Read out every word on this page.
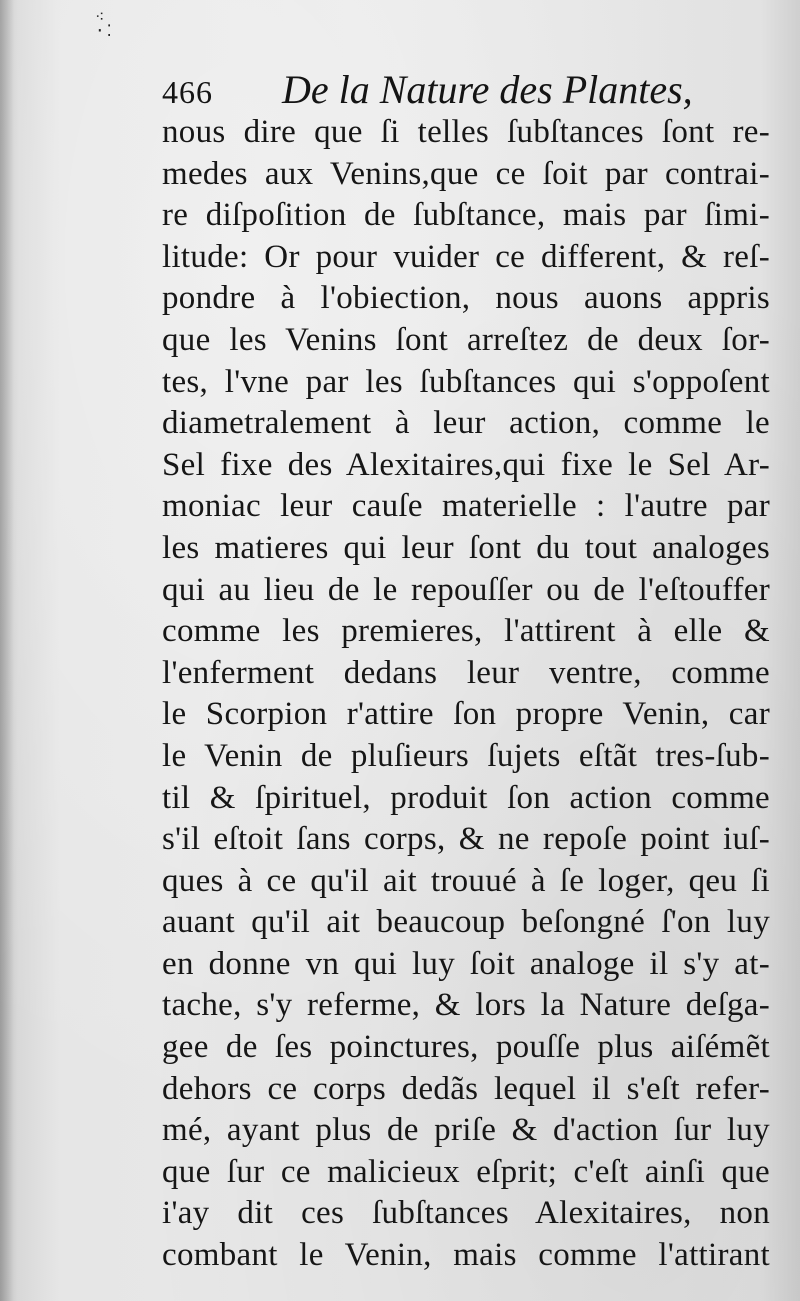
⁖
·⁚
466 De la Nature des Plantes,
nous dire que ſi telles ſubſtances ſont re-
medes aux Venins,que ce ſoit par contrai-
re diſpoſition de ſubſtance, mais par ſimi-
litude: Or pour vuider ce different, & reſ-
pondre à l'obiection, nous auons appris
que les Venins ſont arreſtez de deux ſor-
tes, l'vne par les ſubſtances qui s'oppoſent
diametralement à leur action, comme le
Sel fixe des Alexitaires,qui fixe le Sel Ar-
moniac leur cauſe materielle : l'autre par
les matieres qui leur ſont du tout analoges
qui au lieu de le repouſſer ou de l'eſtouffer
comme les premieres, l'attirent à elle &
l'enferment dedans leur ventre, comme
le Scorpion r'attire ſon propre Venin, car
le Venin de pluſieurs ſujets eſtãt tres-ſub-
til & ſpirituel, produit ſon action comme
s'il eſtoit ſans corps, & ne repoſe point iuſ-
ques à ce qu'il ait trouué à ſe loger, qeu ſi
auant qu'il ait beaucoup beſongné ſ'on luy
en donne vn qui luy ſoit analoge il s'y at-
tache, s'y referme, & lors la Nature deſga-
gee de ſes poinctures, pouſſe plus aiſémẽt
dehors ce corps dedãs lequel il s'eſt refer-
mé, ayant plus de priſe & d'action ſur luy
que ſur ce malicieux eſprit; c'eſt ainſi que
i'ay dit ces ſubſtances Alexitaires, non
combant le Venin, mais comme l'attirant
